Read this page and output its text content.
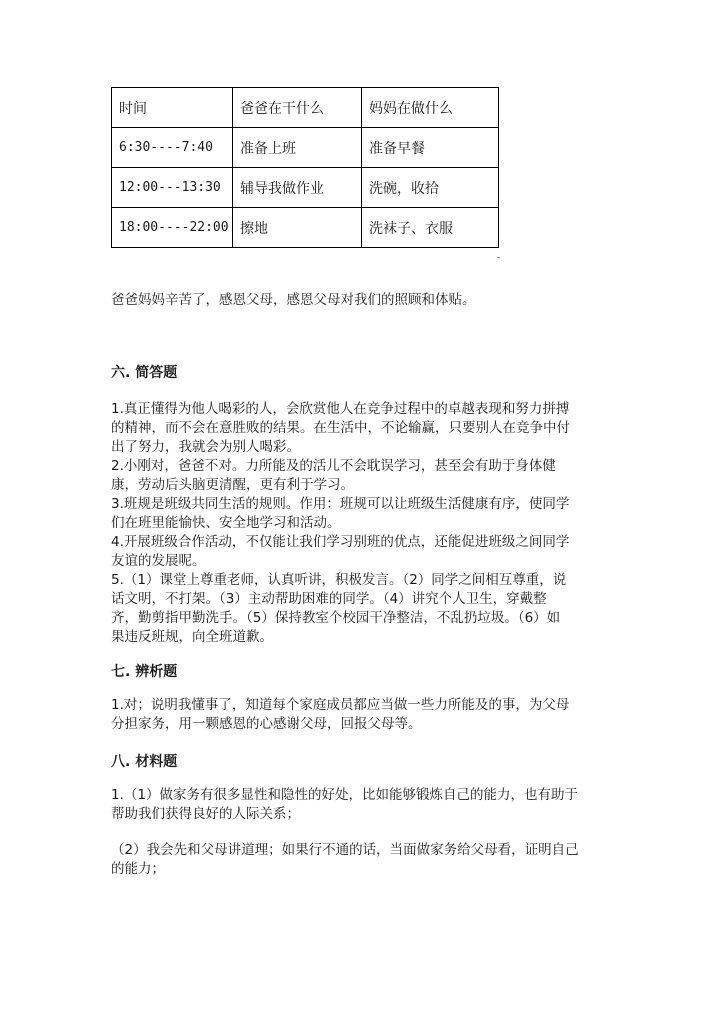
时间	爸爸在干什么	妈妈在做什么
6:30----7:40	准备上班	准备早餐
12:00---13:30	辅导我做作业	洗碗，收拾
18:00----22:00	擦地	洗袜子、衣服
爸爸妈妈辛苦了，感恩父母，感恩父母对我们的照顾和体贴。
六. 简答题
1.真正懂得为他人喝彩的人，会欣赏他人在竞争过程中的卓越表现和努力拼搏
的精神，而不会在意胜败的结果。在生活中，不论输赢，只要别人在竞争中付
出了努力，我就会为别人喝彩。
2.小刚对，爸爸不对。力所能及的活儿不会耽误学习，甚至会有助于身体健
康，劳动后头脑更清醒，更有利于学习。
3.班规是班级共同生活的规则。作用：班规可以让班级生活健康有序，使同学
们在班里能愉快、安全地学习和活动。
4.开展班级合作活动，不仅能让我们学习别班的优点，还能促进班级之间同学
友谊的发展呢。
5.（1）课堂上尊重老师，认真听讲，积极发言。（2）同学之间相互尊重，说
话文明，不打架。（3）主动帮助困难的同学。（4）讲究个人卫生，穿戴整
齐，勤剪指甲勤洗手。（5）保持教室个校园干净整洁，不乱扔垃圾。（6）如
果违反班规，向全班道歉。
七. 辨析题
1.对；说明我懂事了，知道每个家庭成员都应当做一些力所能及的事，为父母
分担家务，用一颗感恩的心感谢父母，回报父母等。
八. 材料题
1.（1）做家务有很多显性和隐性的好处，比如能够锻炼自己的能力，也有助于
帮助我们获得良好的人际关系；
（2）我会先和父母讲道理；如果行不通的话，当面做家务给父母看，证明自己
的能力；
